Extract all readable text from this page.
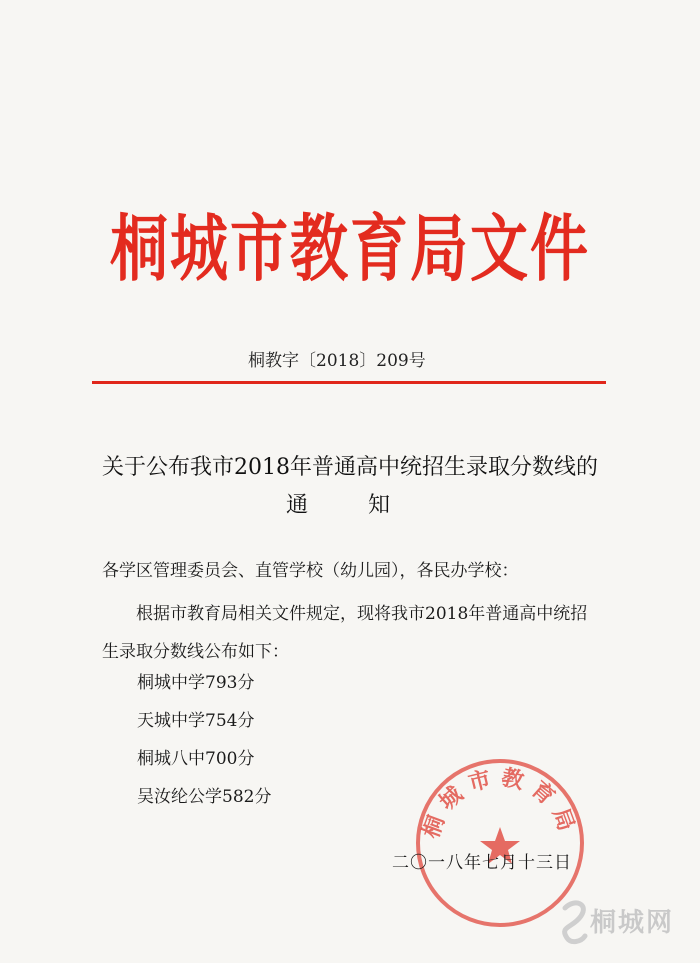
桐城市教育局文件
桐教字〔2018〕209号
关于公布我市2018年普通高中统招生录取分数线的
通知
各学区管理委员会、直管学校（幼儿园），各民办学校：
根据市教育局相关文件规定，现将我市2018年普通高中统招生录取分数线公布如下：
桐城中学793分
天城中学754分
桐城八中700分
吴汝纶公学582分
桐城市教育局
二〇一八年七月十三日
桐城网
